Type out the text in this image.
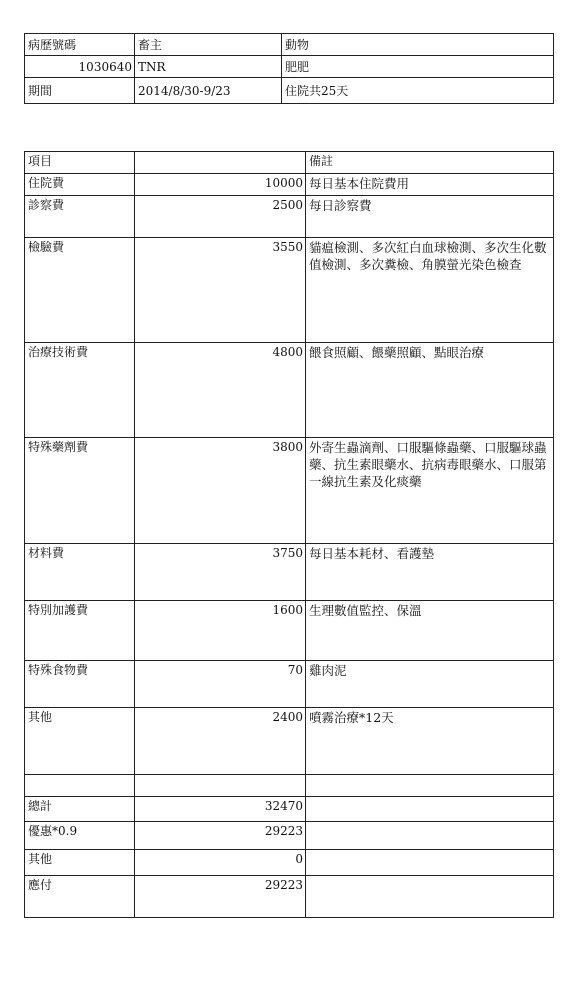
病歷號碼	畜主	動物
1030640	TNR	肥肥
期間	2014/8/30-9/23	住院共25天
項目		備註
住院費	10000	每日基本住院費用
診察費	2500	每日診察費
檢驗費	3550	貓瘟檢測、多次紅白血球檢測、多次生化數值檢測、多次糞檢、角膜螢光染色檢查
治療技術費	4800	餵食照顧、餵藥照顧、點眼治療
特殊藥劑費	3800	外寄生蟲滴劑、口服驅條蟲藥、口服驅球蟲藥、抗生素眼藥水、抗病毒眼藥水、口服第一線抗生素及化痰藥
材料費	3750	每日基本耗材、看護墊
特別加護費	1600	生理數值監控、保溫
特殊食物費	70	雞肉泥
其他	2400	噴霧治療*12天

總計	32470	
優惠*0.9	29223	
其他	0	
應付	29223	
